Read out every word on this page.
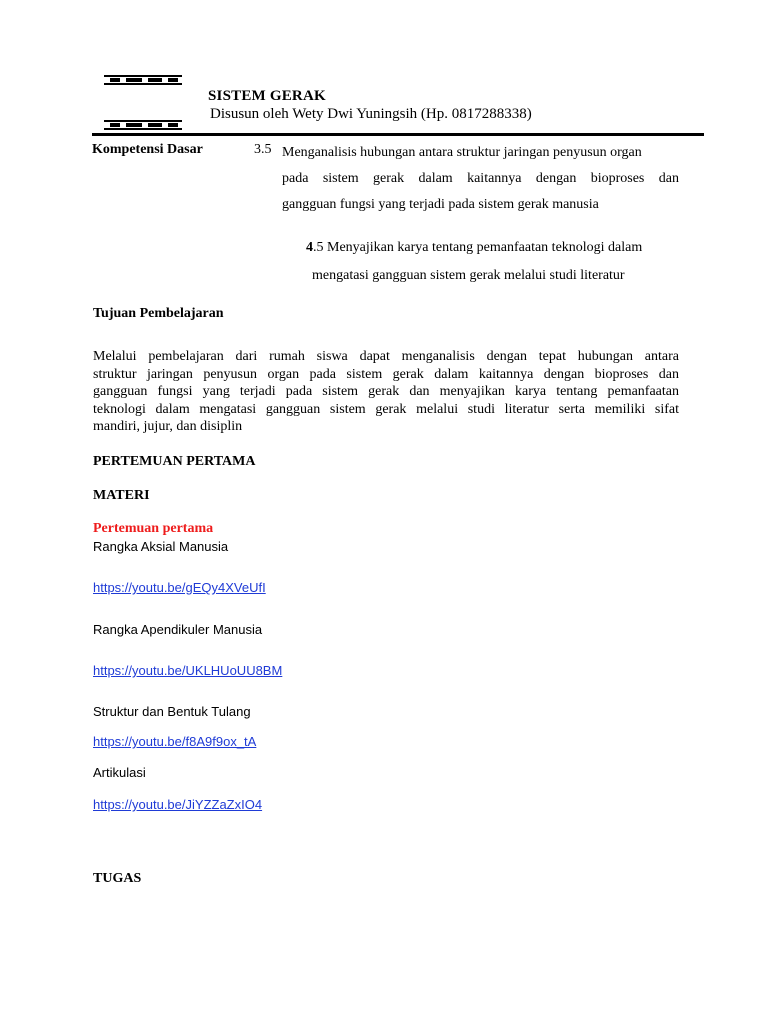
SISTEM GERAK
Disusun oleh Wety Dwi Yuningsih (Hp. 0817288338)
Kompetensi Dasar	3.5 Menganalisis hubungan antara struktur jaringan penyusun organ

pada sistem gerak dalam kaitannya dengan bioproses dan

gangguan fungsi yang terjadi pada sistem gerak manusia

4.5 Menyajikan karya tentang pemanfaatan teknologi dalam
mengatasi gangguan sistem gerak melalui studi literatur
Tujuan Pembelajaran
Melalui pembelajaran dari rumah siswa dapat menganalisis dengan tepat hubungan antara
struktur jaringan penyusun organ pada sistem gerak dalam kaitannya dengan bioproses dan
gangguan fungsi yang terjadi pada sistem gerak dan menyajikan karya tentang pemanfaatan
teknologi dalam mengatasi gangguan sistem gerak melalui studi literatur serta memiliki sifat
mandiri, jujur, dan disiplin
PERTEMUAN PERTAMA
MATERI
Pertemuan pertama
Rangka Aksial Manusia
https://youtu.be/gEQy4XVeUfI
Rangka Apendikuler Manusia
https://youtu.be/UKLHUoUU8BM
Struktur dan Bentuk Tulang
https://youtu.be/f8A9f9ox_tA
Artikulasi
https://youtu.be/JiYZZaZxIO4
TUGAS
